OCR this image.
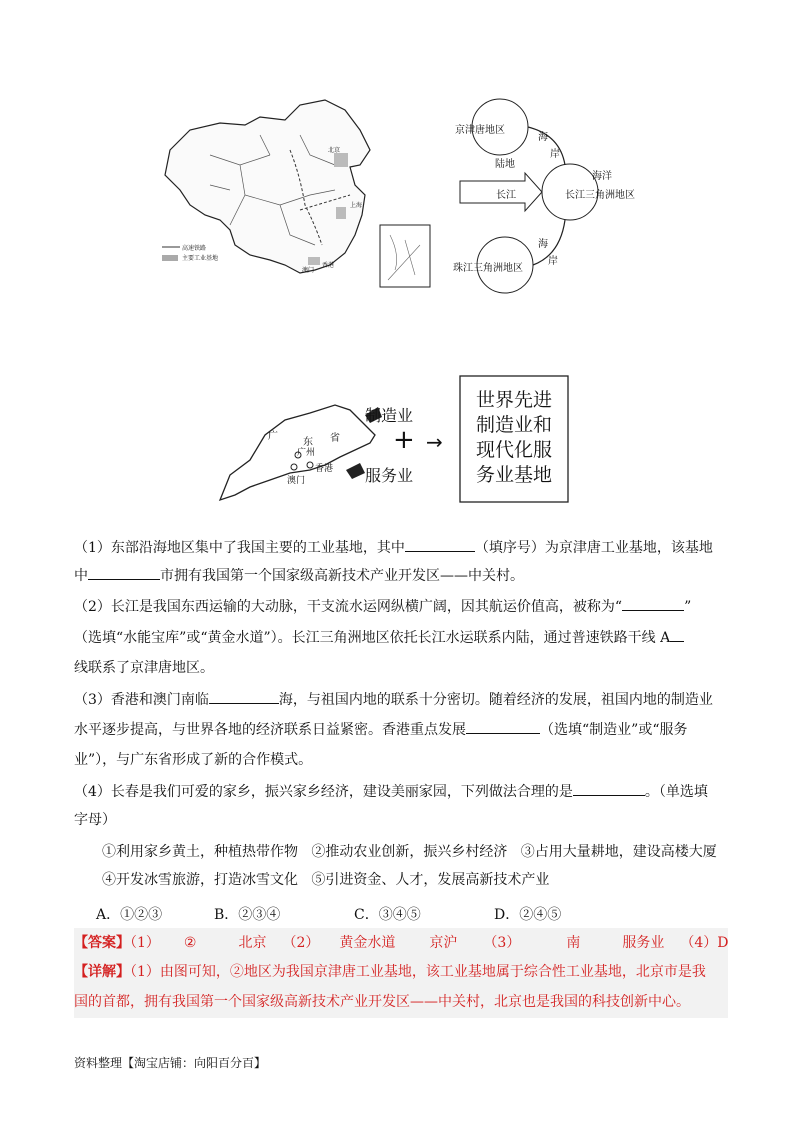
高速铁路
主要工业基地
北京
上海
香港
澳门
京津唐地区
长江三角洲地区
珠江三角洲地区
陆地
海洋
长江
海
岸
海
岸
广
东 省
广州
香港
澳门
制造业
服务业
+ →
世界先进
制造业和
现代化服
务业基地
（1）东部沿海地区集中了我国主要的工业基地，其中	（填序号）为京津唐工业基地，该基地
中	市拥有我国第一个国家级高新技术产业开发区——中关村。
（2）长江是我国东西运输的大动脉，干支流水运网纵横广阔，因其航运价值高，被称为“	”
（选填“水能宝库”或“黄金水道”）。长江三角洲地区依托长江水运联系内陆，通过普速铁路干线 A
线联系了京津唐地区。
（3）香港和澳门南临	海，与祖国内地的联系十分密切。随着经济的发展，祖国内地的制造业
水平逐步提高，与世界各地的经济联系日益紧密。香港重点发展	（选填“制造业”或“服务
业”），与广东省形成了新的合作模式。
（4）长春是我们可爱的家乡，振兴家乡经济，建设美丽家园，下列做法合理的是	。（单选填
字母）
①利用家乡黄土，种植热带作物   ②推动农业创新，振兴乡村经济   ③占用大量耕地，建设高楼大厦
④开发冰雪旅游，打造冰雪文化   ⑤引进资金、人才，发展高新技术产业
A．①②③	B．②③④	C．③④⑤	D．②④⑤
【答案】（1） ②	北京 （2） 黄金水道 京沪 （3）	南	服务业 （4）D
【详解】（1）由图可知，②地区为我国京津唐工业基地，该工业基地属于综合性工业基地，北京市是我
国的首都，拥有我国第一个国家级高新技术产业开发区——中关村，北京也是我国的科技创新中心。
资料整理【淘宝店铺：向阳百分百】
